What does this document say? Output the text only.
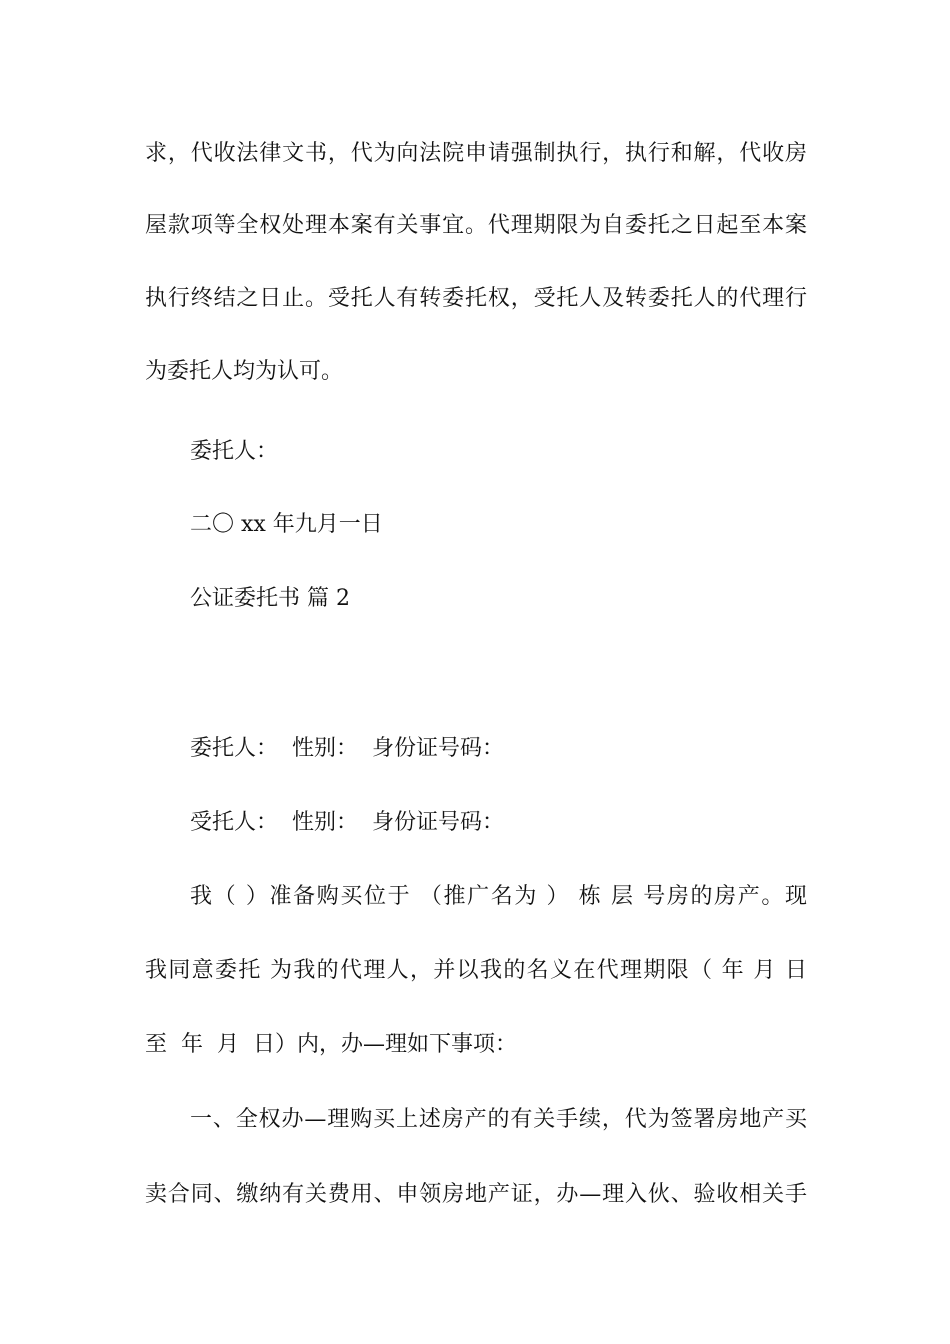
求，代收法律文书，代为向法院申请强制执行，执行和解，代收房
屋款项等全权处理本案有关事宜。代理期限为自委托之日起至本案
执行终结之日止。受托人有转委托权，受托人及转委托人的代理行
为委托人均为认可。
委托人：
二〇 xx 年九月一日
公证委托书 篇 2
委托人：  性别：  身份证号码：
受托人：  性别：  身份证号码：
我（ ）准备购买位于 （推广名为 ） 栋 层 号房的房产。现
我同意委托 为我的代理人，并以我的名义在代理期限（ 年 月 日
至  年  月  日）内，办—理如下事项：
一、全权办—理购买上述房产的有关手续，代为签署房地产买
卖合同、缴纳有关费用、申领房地产证，办—理入伙、验收相关手
